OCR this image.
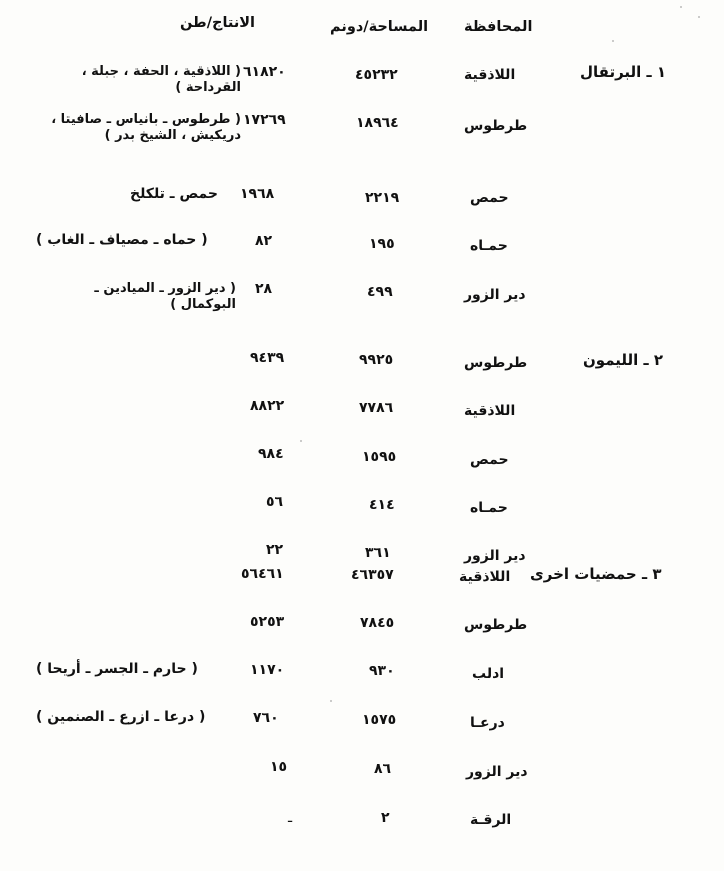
المحافظة
المساحة/دونم
الانتاج/طن
١ ـ البرتقال
٢ ـ الليمون
٣ ـ حمضيات اخرى
اللاذقية
٤٥٢٣٢
٦١٨٢٠
( اللاذقية ، الحفة ، جبلة ، القرداحة )
طرطوس
١٨٩٦٤
١٧٢٦٩
( طرطوس ـ بانياس ـ صافيتا ، دريكيش ، الشيخ بدر )
حمص
٢٢١٩
١٩٦٨
حمص ـ تلكلخ
حمـاه
١٩٥
٨٢
( حماه ـ مصياف ـ الغاب )
دير الزور
٤٩٩
٢٨
( دير الزور ـ الميادين ـ البوكمال )
طرطوس
٩٩٢٥
٩٤٣٩
اللاذقية
٧٧٨٦
٨٨٢٢
حمص
١٥٩٥
٩٨٤
حمـاه
٤١٤
٥٦
دير الزور
٣٦١
٢٢
اللاذقية
٤٦٣٥٧
٥٦٤٦١
طرطوس
٧٨٤٥
٥٢٥٣
ادلب
٩٣٠
١١٧٠
( حارم ـ الجسر ـ أريحا )
درعـا
١٥٧٥
٧٦٠
( درعا ـ ازرع ـ الصنمين )
دير الزور
٨٦
١٥
الرقـة
٢
ـ
